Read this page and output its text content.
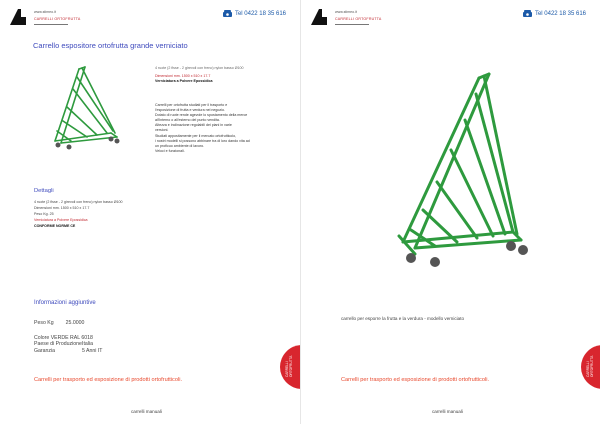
www.stimeo.it
CARRELLI ORTOFRUTTA
Tel 0422 18 35 616
Carrello espositore ortofrutta grande verniciato
4 ruote (2 fisse - 2 girevoli con freno) nylon basso Ø100
Dimensioni mm. 1500 x 510 x 17.7
Verniciatura a Polvere Epossidica
Carrelli per ortofrutta studiati per il trasporto e
l'esposizione di frutta e verdura nel negozio.
Dotato di ruote rende agevole lo spostamento della merce
all'interno o all'esterno del punto vendita.
Altezza e inclinazione regolabili dei piani in varie
versioni.
Studiati appositamente per il mercato ortofrutticolo,
i nostri modelli si possono abbinare tra di loro dando vita ad
un proficuo ambiente di lavoro.
Veloci e funzionali.
Dettagli
4 ruote (2 fisse - 2 girevoli con freno) nylon basso Ø100
Dimensioni mm. 1500 x 510 x 17.7
Peso Kg. 25
Verniciatura a Polvere Epossidica
CONFORME NORME CE
Informazioni aggiuntive
Peso Kg 25.0000
Colore VERDE RAL 6018
Paese di Produzione Italia
Garanzia	5 Anni IT
Carrelli per trasporto ed esposizione di prodotti ortofrutticoli.
carrelli manuali
CARRELLI ORTOFRUTTA
www.stimeo.it
CARRELLI ORTOFRUTTA
Tel 0422 18 35 616
carrello per esporre la frutta e la verdura - modello verniciato
Carrelli per trasporto ed esposizione di prodotti ortofrutticoli.
carrelli manuali
CARRELLI ORTOFRUTTA
